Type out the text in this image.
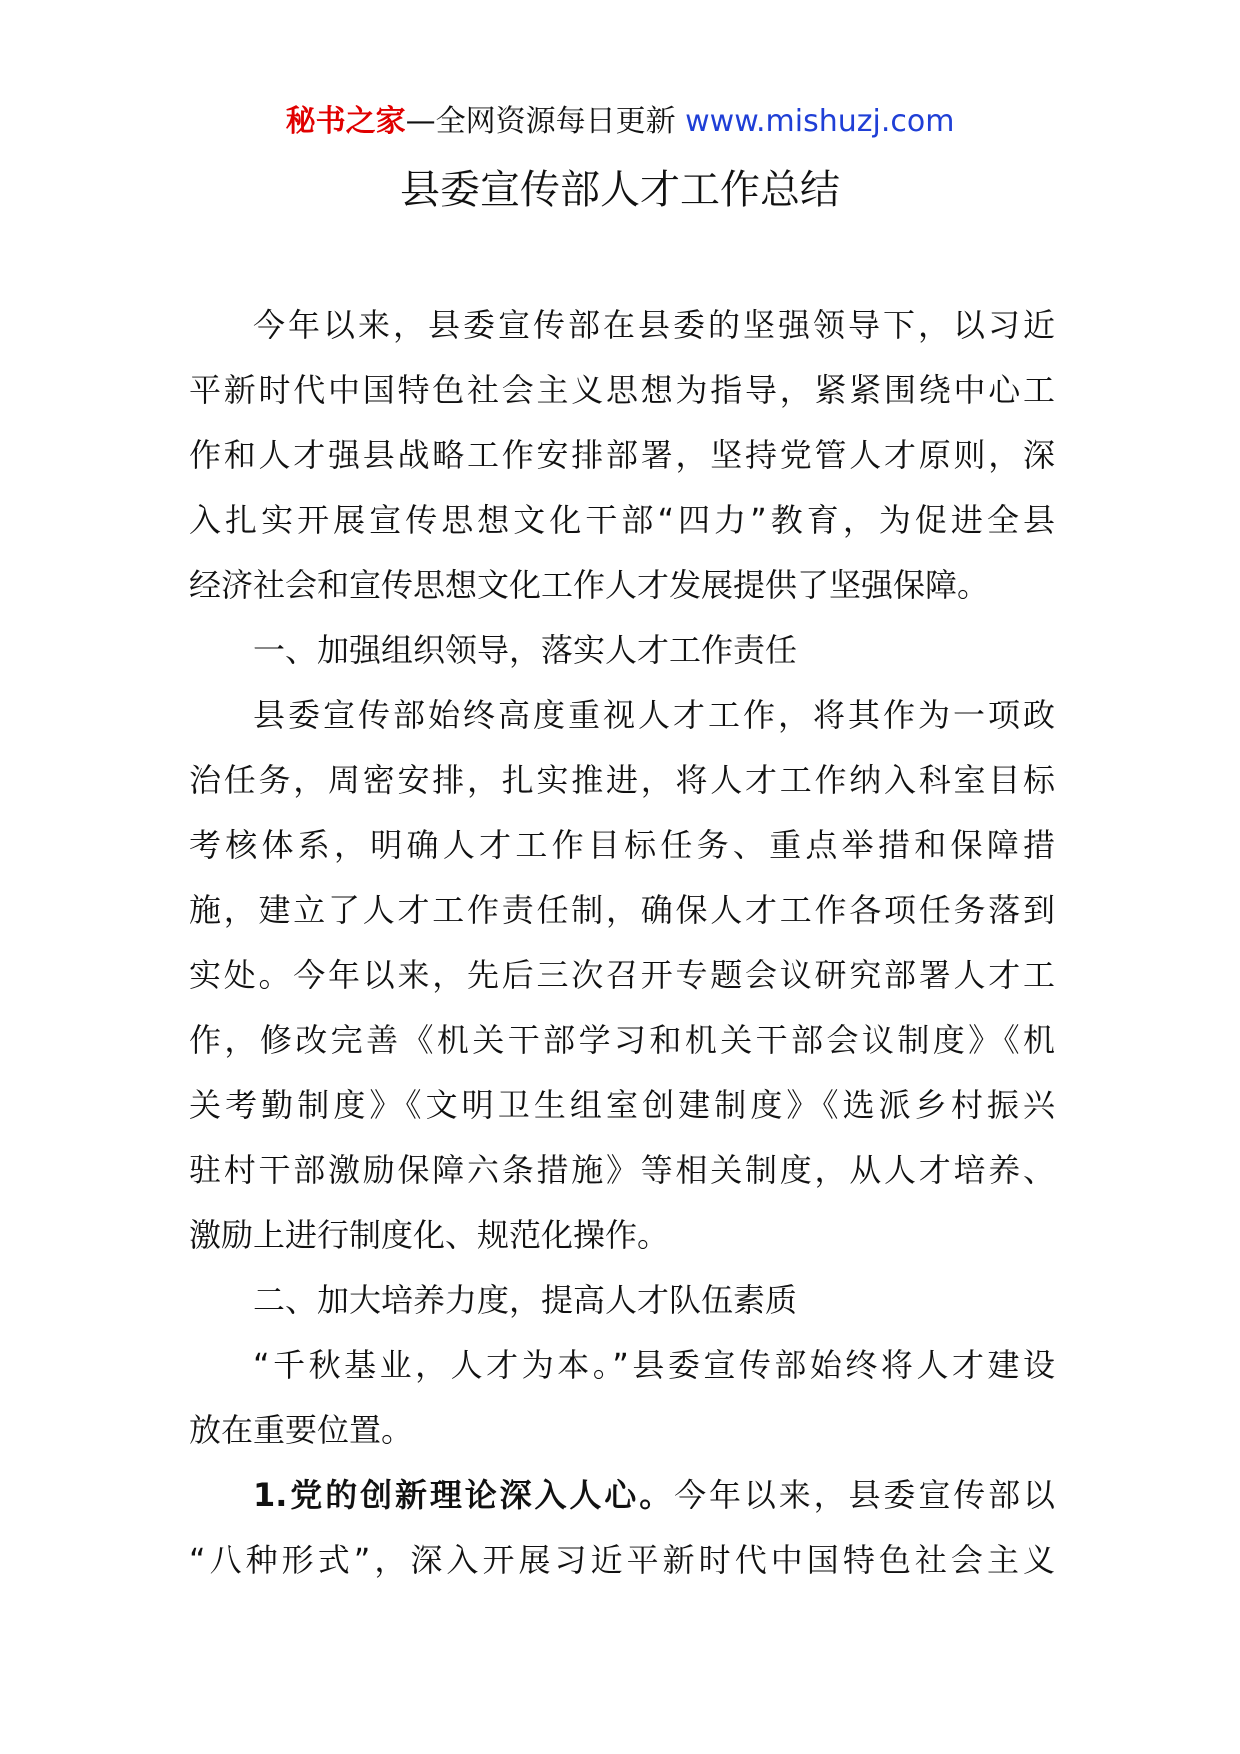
秘书之家—全网资源每日更新 www.mishuzj.com
县委宣传部人才工作总结
今年以来，县委宣传部在县委的坚强领导下，以习近
平新时代中国特色社会主义思想为指导，紧紧围绕中心工
作和人才强县战略工作安排部署，坚持党管人才原则，深
入扎实开展宣传思想文化干部“四力”教育，为促进全县
经济社会和宣传思想文化工作人才发展提供了坚强保障。
一、加强组织领导，落实人才工作责任
县委宣传部始终高度重视人才工作，将其作为一项政
治任务，周密安排，扎实推进，将人才工作纳入科室目标
考核体系，明确人才工作目标任务、重点举措和保障措
施，建立了人才工作责任制，确保人才工作各项任务落到
实处。今年以来，先后三次召开专题会议研究部署人才工
作，修改完善《机关干部学习和机关干部会议制度》《机
关考勤制度》《文明卫生组室创建制度》《选派乡村振兴
驻村干部激励保障六条措施》等相关制度，从人才培养、
激励上进行制度化、规范化操作。
二、加大培养力度，提高人才队伍素质
“千秋基业，人才为本。”县委宣传部始终将人才建设
放在重要位置。
1.党的创新理论深入人心。今年以来，县委宣传部以
“八种形式”，深入开展习近平新时代中国特色社会主义
